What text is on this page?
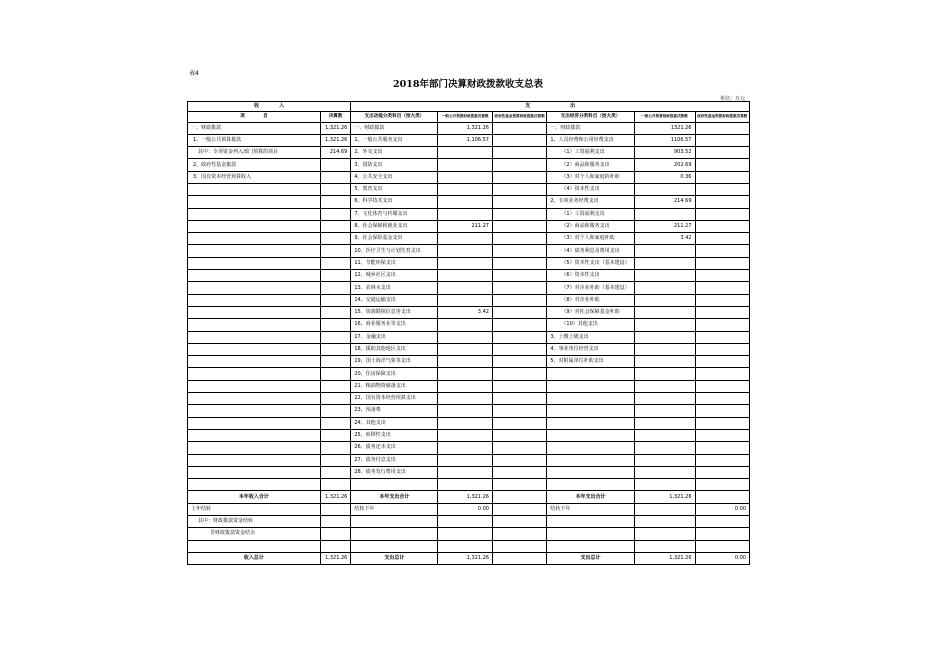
表4
2018年部门决算财政拨款收支总表
单位：万元
收　　　　入		支　　　　　　　　出					
项　　　　目	决算数	支出功能分类科目（按大类）	一般公共预算财政拨款决算数	政府性基金预算财政拨款决算数	支出经济分类科目（按大类）	一般公共预算财政拨款决算数	政府性基金预算财政拨款决算数
一、财政拨款	1,321.26	一、财政拨款	1,321.26		一、财政拨款	1321.26	
1、一般公共预算拨款	1,321.26	1、一般公共服务支出	1,106.57		1、人员经费和公用经费支出	1106.57	
其中：专项资金列入部门预算的项目	214.69	2、外交支出			（1）工资福利支出	903.52	
2、政府性基金拨款		3、国防支出			（2）商品和服务支出	202.69	
3、国有资本经营预算收入		4、公共安全支出			（3）对个人和家庭的补助	0.36	
		5、教育支出			（4）资本性支出		
		6、科学技术支出			2、专项业务经费支出	214.69	
		7、文化体育与传媒支出			（1）工资福利支出		
		8、社会保障和就业支出	211.27		（2）商品和服务支出	211.27	
		9、社会保险基金支出			（3）对个人和家庭补助	3.42	
		10、医疗卫生与计划生育支出			（4）债务利息及费用支出		
		11、节能环保支出			（5）资本性支出（基本建设）		
		12、城乡社区支出			（6）资本性支出		
		13、农林水支出			（7）对企业补助（基本建设）		
		14、交通运输支出			（8）对企业补助		
		15、资源勘探信息等支出	3.42		（9）对社会保障基金补助		
		16、商业服务业等支出			（10）其他支出		
		17、金融支出			3、上缴上级支出		
		18、援助其他地区支出			4、事业单位经营支出		
		19、国土海洋气象等支出			5、对附属单位补助支出		
		20、住房保障支出					
		21、粮油物资储备支出					
		22、国有资本经营预算支出					
		23、预备费					
		24、其他支出					
		25、转移性支出					
		26、债务还本支出					
		27、债务付息支出					
		28、债务发行费用支出					

本年收入合计	1,321.26	本年支出合计	1,321.26		本年支出合计	1,321.26	
上年结转		结转下年	0.00		结转下年		0.00
其中：财政拨款资金结转							
非财政拨款资金结余							

收入总计	1,321.26	支出总计	1,321.26		支出总计	1,321.26	0.00
